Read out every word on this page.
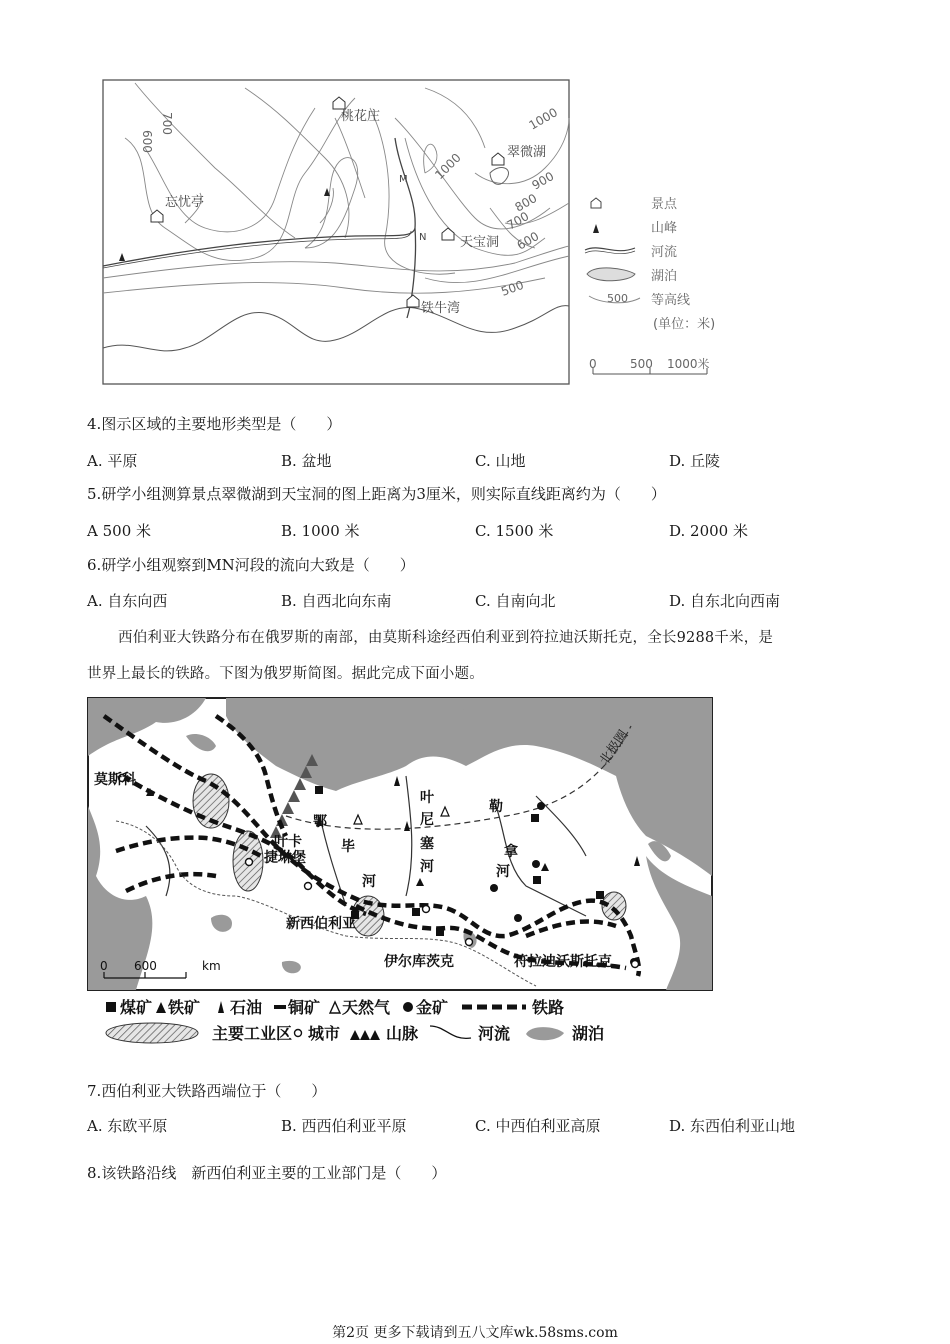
桃花庄
翠微湖
忘忧亭
天宝洞
铁牛湾
M
N
600
700	1000
1000	900
800
700
600
500
景点
山峰
河流
湖泊
500 等高线
(单位：米)
0	500 1000米
4.图示区域的主要地形类型是（　　）
A. 平原	B. 盆地	C. 山地	D. 丘陵
5.研学小组测算景点翠微湖到天宝洞的图上距离为3厘米，则实际直线距离约为（　　）
A 500 米	B. 1000 米	C. 1500 米	D. 2000 米
6.研学小组观察到MN河段的流向大致是（　　）
A. 自东向西	B. 自西北向东南	C. 自南向北	D. 自东北向西南
西伯利亚大铁路分布在俄罗斯的南部，由莫斯科途经西伯利亚到符拉迪沃斯托克，全长9288千米，是
世界上最长的铁路。下图为俄罗斯简图。据此完成下面小题。
北极圈
莫斯科
叶卡
捷琳堡
新西伯利亚
伊尔库茨克	符拉迪沃斯托克
鄂
毕
河
叶
尼
塞
河
勒
拿
河
0 600	km
煤矿 铁矿 石油 铜矿 天然气 金矿	铁路
主要工业区 城市	山脉	河流	湖泊
7.西伯利亚大铁路西端位于（　　）
A. 东欧平原	B. 西西伯利亚平原	C. 中西伯利亚高原	D. 东西伯利亚山地
8.该铁路沿线　新西伯利亚主要的工业部门是（　　）
第2页 更多下载请到五八文库wk.58sms.com
